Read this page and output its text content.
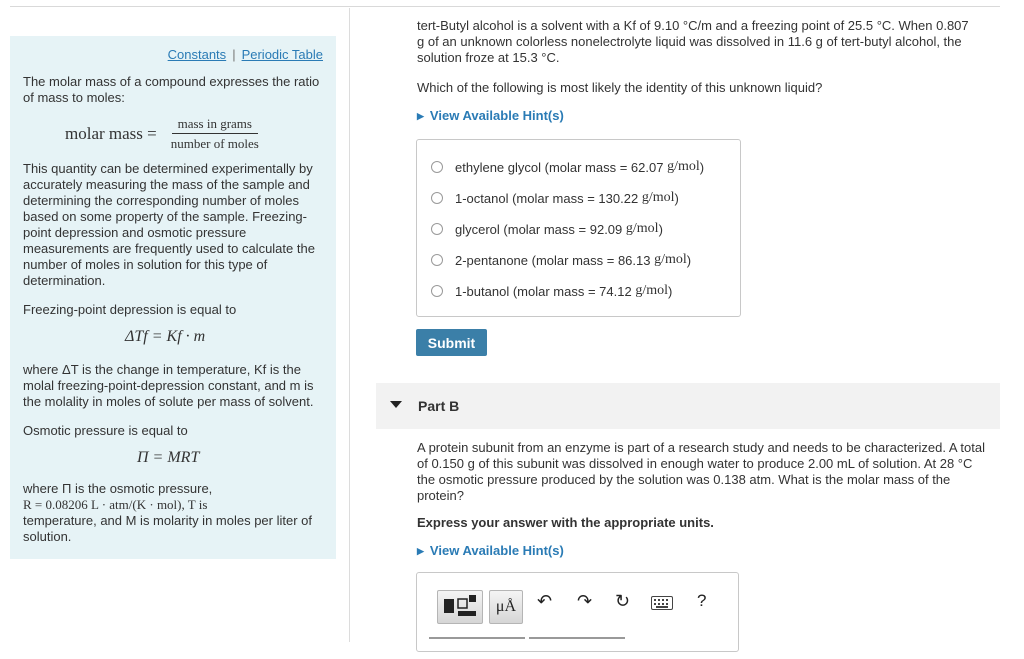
Constants | Periodic Table
The molar mass of a compound expresses the ratio of mass to moles:
molar mass = $\frac{\text{mass in grams}}{\text{number of moles}}$
This quantity can be determined experimentally by accurately measuring the mass of the sample and determining the corresponding number of moles based on some property of the sample. Freezing-point depression and osmotic pressure measurements are frequently used to calculate the number of moles in solution for this type of determination.
Freezing-point depression is equal to
ΔTf = Kf · m
where ΔT is the change in temperature, Kf is the molal freezing-point-depression constant, and m is the molality in moles of solute per mass of solvent.
Osmotic pressure is equal to
Π = MRT
where Π is the osmotic pressure,
R = 0.08206 L · atm/(K · mol), T is
temperature, and M is molarity in moles per liter of solution.
tert-Butyl alcohol is a solvent with a Kf of 9.10 °C/m and a freezing point of 25.5 °C. When 0.807
g of an unknown colorless nonelectrolyte liquid was dissolved in 11.6 g of tert-butyl alcohol, the
solution froze at 15.3 °C.
Which of the following is most likely the identity of this unknown liquid?
▶ View Available Hint(s)
ethylene glycol (molar mass = 62.07
g/mol )
1-octanol (molar mass = 130.22
g/mol )
glycerol (molar mass = 92.09
g/mol )
2-pentanone (molar mass = 86.13
g/mol )
1-butanol (molar mass = 74.12
g/mol )
Submit
Part B
A protein subunit from an enzyme is part of a research study and needs to be characterized. A total
of 0.150 g of this subunit was dissolved in enough water to produce 2.00 mL of solution. At 28 °C
the osmotic pressure produced by the solution was 0.138 atm. What is the molar mass of the
protein?
Express your answer with the appropriate units.
▶ View Available Hint(s)
μÅ	↶ ↷ ↻	?
